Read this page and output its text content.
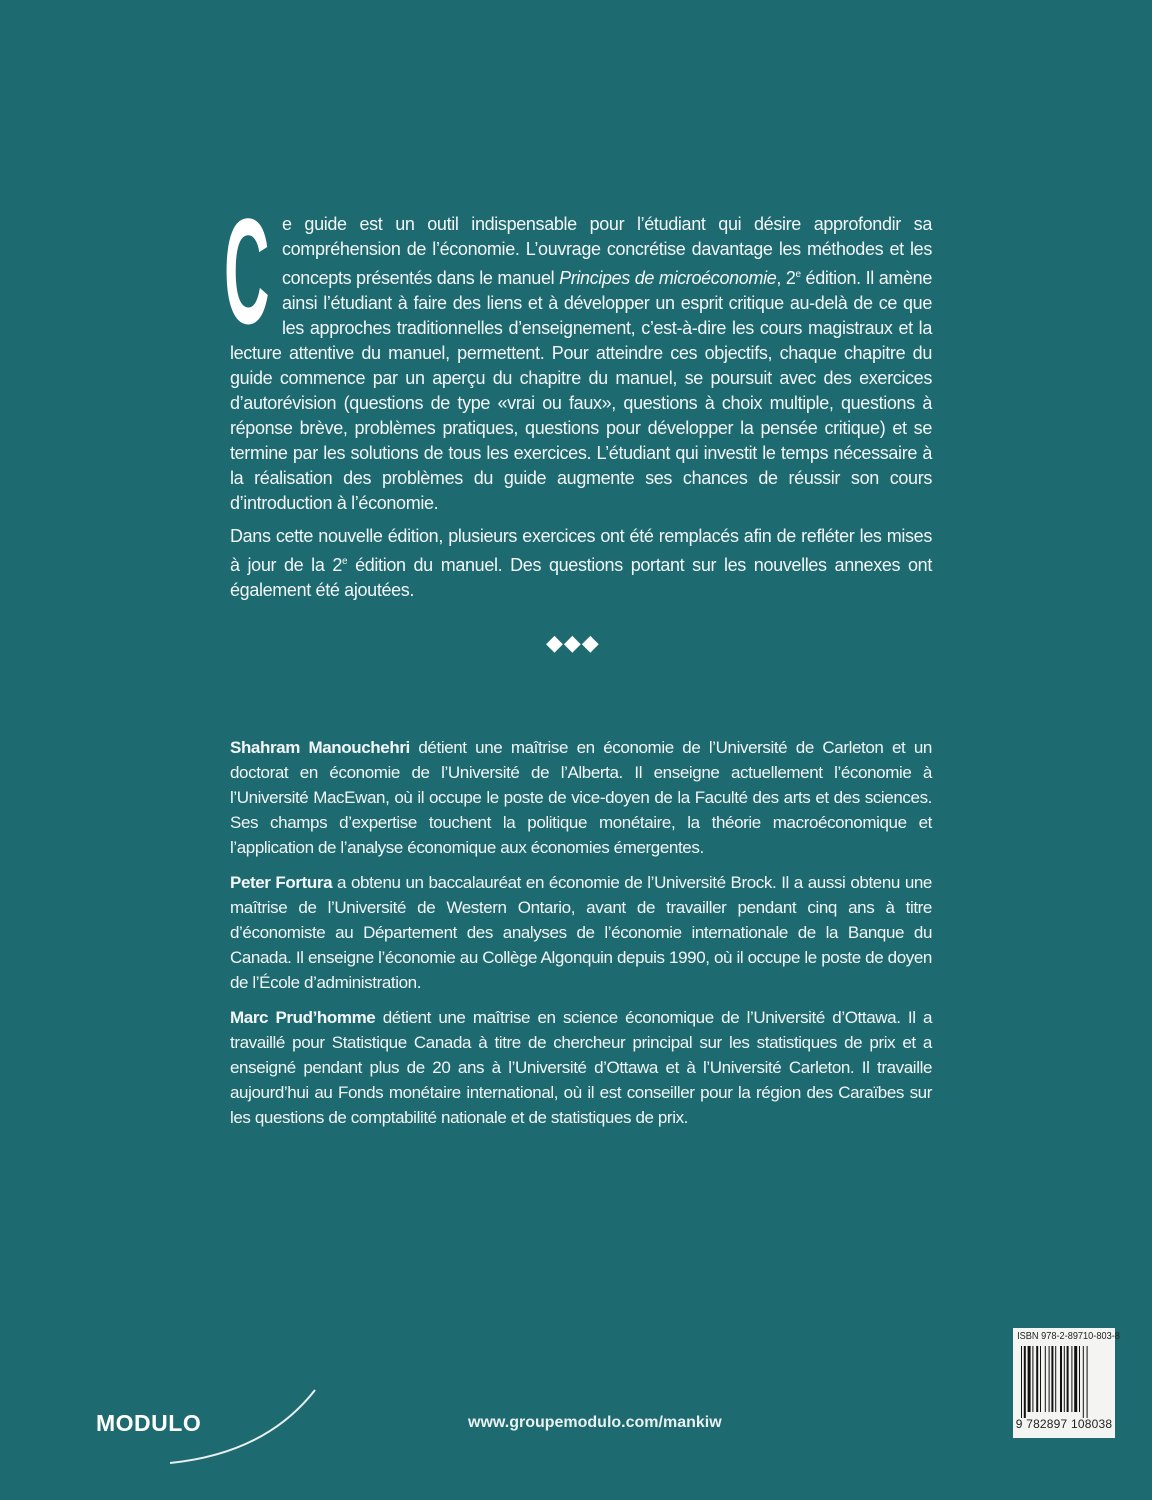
C e guide est un outil indispensable pour l’étudiant qui désire approfondir sa compréhension de l’économie. L’ouvrage concrétise davantage les méthodes et les concepts présentés dans le manuel Principes de microéconomie, 2e édition. Il amène ainsi l’étudiant à faire des liens et à développer un esprit critique au-delà de ce que les approches traditionnelles d’enseignement, c’est-à-dire les cours magistraux et la lecture attentive du manuel, permettent. Pour atteindre ces objectifs, chaque chapitre du guide commence par un aperçu du chapitre du manuel, se poursuit avec des exercices d’autorévision (questions de type «vrai ou faux», questions à choix multiple, questions à réponse brève, problèmes pratiques, questions pour développer la pensée critique) et se termine par les solutions de tous les exercices. L’étudiant qui investit le temps nécessaire à la réalisation des problèmes du guide augmente ses chances de réussir son cours d’introduction à l’économie.

Dans cette nouvelle édition, plusieurs exercices ont été remplacés afin de refléter les mises à jour de la 2e édition du manuel. Des questions portant sur les nouvelles annexes ont également été ajoutées.

◆◆◆

Shahram Manouchehri détient une maîtrise en économie de l’Université de Carleton et un doctorat en économie de l’Université de l’Alberta. Il enseigne actuellement l’économie à l’Université MacEwan, où il occupe le poste de vice-doyen de la Faculté des arts et des sciences. Ses champs d’expertise touchent la politique monétaire, la théorie macroéconomique et l’application de l’analyse économique aux économies émergentes.

Peter Fortura a obtenu un baccalauréat en économie de l’Université Brock. Il a aussi obtenu une maîtrise de l’Université de Western Ontario, avant de travailler pendant cinq ans à titre d’économiste au Département des analyses de l’économie internationale de la Banque du Canada. Il enseigne l’économie au Collège Algonquin depuis 1990, où il occupe le poste de doyen de l’École d’administration.

Marc Prud’homme détient une maîtrise en science économique de l’Université d’Ottawa. Il a travaillé pour Statistique Canada à titre de chercheur principal sur les statistiques de prix et a enseigné pendant plus de 20 ans à l’Université d’Ottawa et à l’Université Carleton. Il travaille aujourd’hui au Fonds monétaire international, où il est conseiller pour la région des Caraïbes sur les questions de comptabilité nationale et de statistiques de prix.

MODULO	www.groupemodulo.com/mankiw
ISBN 978-2-89710-803-8
9 782897 108038
